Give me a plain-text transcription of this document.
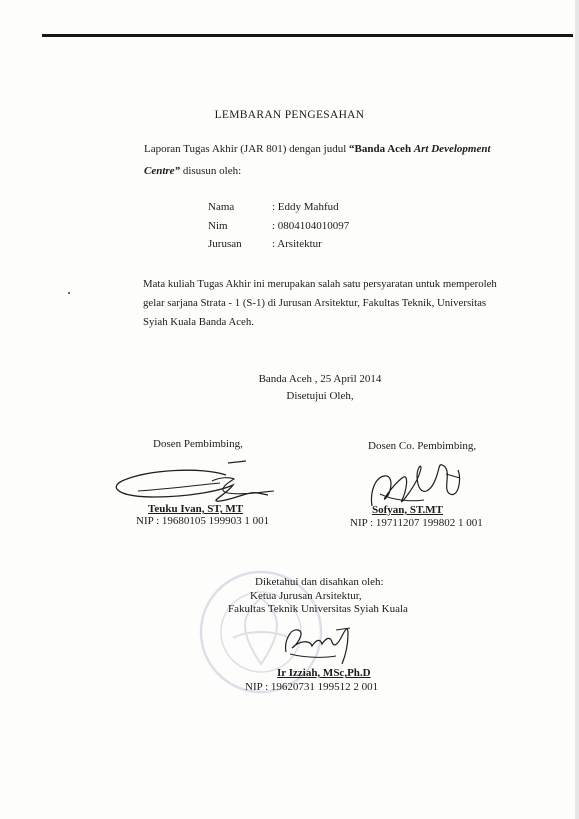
LEMBARAN PENGESAHAN
Laporan Tugas Akhir (JAR 801) dengan judul “Banda Aceh Art Development
Centre” disusun oleh:
Nama	: Eddy Mahfud
Nim	: 0804104010097
Jurusan	: Arsitektur
Mata kuliah Tugas Akhir ini merupakan salah satu persyaratan untuk memperoleh
gelar sarjana Strata - 1 (S-1) di Jurusan Arsitektur, Fakultas Teknik, Universitas
Syiah Kuala Banda Aceh.
Banda Aceh , 25 April 2014
Disetujui Oleh,
Dosen Pembimbing,
Teuku Ivan, ST, MT
NIP : 19680105 199903 1 001
Dosen Co. Pembimbing,
Sofyan, ST.MT
NIP : 19711207 199802 1 001
Diketahui dan disahkan oleh:
Ketua Jurusan Arsitektur,
Fakultas Teknik Universitas Syiah Kuala
Ir Izziah, MSc,Ph.D
NIP : 19620731 199512 2 001
